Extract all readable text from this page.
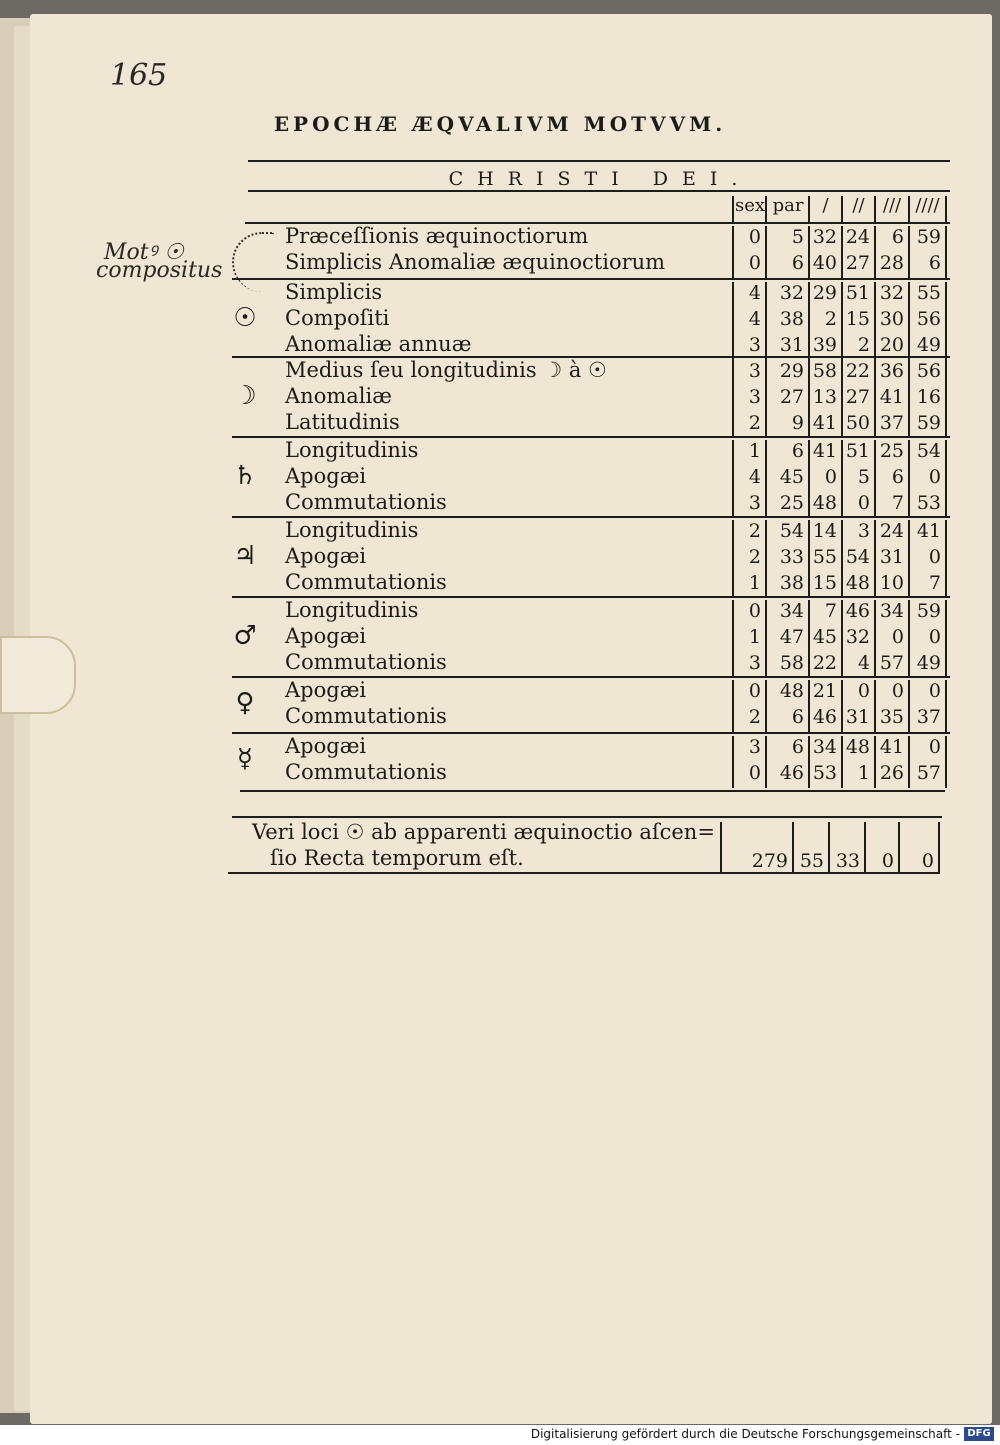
165
Motꝰ ☉
compositus
EPOCHÆ ÆQVALIVM MOTVVM.
CHRISTI DEI.
sex par	/	//	/// ////
Præceſſionis æquinoctiorum	0	5 32 24	6 59
Simplicis Anomaliæ æquinoctiorum	0	6 40 27 28	6
☉
Simplicis	4 32 29 51 32 55
Compoſiti	4 38	2 15 30 56
Anomaliæ annuæ	3 31 39	2 20 49
☽
Medius ſeu longitudinis ☽ à ☉	3 29 58 22 36 56
Anomaliæ	3 27 13 27 41 16
Latitudinis	2	9 41 50 37 59
♄
Longitudinis	1	6 41 51 25 54
Apogæi	4 45	0	5	6	0
Commutationis	3 25 48	0	7 53
♃
Longitudinis	2 54 14	3 24 41
Apogæi	2 33 55 54 31	0
Commutationis	1 38 15 48 10	7
♂
Longitudinis	0 34	7 46 34 59
Apogæi	1 47 45 32	0	0
Commutationis	3 58 22	4 57 49
♀	Apogæi	0 48 21	0	0	0
Commutationis	2	6 46 31 35 37
☿	Apogæi	3	6 34 48 41	0
Commutationis	0 46 53	1 26 57
Veri loci ☉ ab apparenti æquinoctio aſcen=
ſio Recta temporum eſt.	279 55 33	0	0
Digitalisierung gefördert durch die Deutsche Forschungsgemeinschaft - DFG
